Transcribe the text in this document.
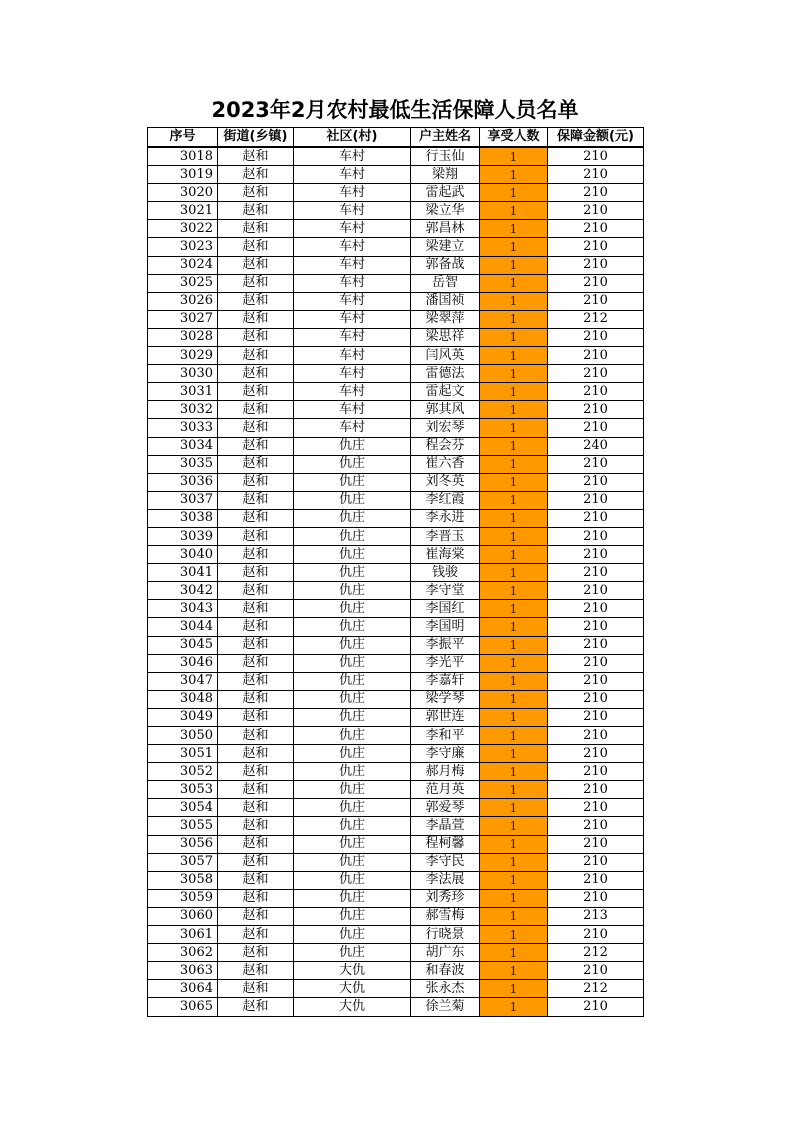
2023年2月农村最低生活保障人员名单
序号	街道(乡镇)	社区(村)	户主姓名	享受人数	保障金额(元)
3018	赵和	车村	行玉仙	1	210
3019	赵和	车村	梁翔	1	210
3020	赵和	车村	雷起武	1	210
3021	赵和	车村	梁立华	1	210
3022	赵和	车村	郭昌林	1	210
3023	赵和	车村	梁建立	1	210
3024	赵和	车村	郭备战	1	210
3025	赵和	车村	岳智	1	210
3026	赵和	车村	潘国祯	1	210
3027	赵和	车村	梁翠萍	1	212
3028	赵和	车村	梁思祥	1	210
3029	赵和	车村	闫风英	1	210
3030	赵和	车村	雷德法	1	210
3031	赵和	车村	雷起文	1	210
3032	赵和	车村	郭其风	1	210
3033	赵和	车村	刘宏琴	1	210
3034	赵和	仇庄	程会芬	1	240
3035	赵和	仇庄	崔六香	1	210
3036	赵和	仇庄	刘冬英	1	210
3037	赵和	仇庄	李红霞	1	210
3038	赵和	仇庄	李永进	1	210
3039	赵和	仇庄	李晋玉	1	210
3040	赵和	仇庄	崔海棠	1	210
3041	赵和	仇庄	钱骏	1	210
3042	赵和	仇庄	李守堂	1	210
3043	赵和	仇庄	李国红	1	210
3044	赵和	仇庄	李国明	1	210
3045	赵和	仇庄	李振平	1	210
3046	赵和	仇庄	李光平	1	210
3047	赵和	仇庄	李嘉轩	1	210
3048	赵和	仇庄	梁学琴	1	210
3049	赵和	仇庄	郭世连	1	210
3050	赵和	仇庄	李和平	1	210
3051	赵和	仇庄	李守廉	1	210
3052	赵和	仇庄	郝月梅	1	210
3053	赵和	仇庄	范月英	1	210
3054	赵和	仇庄	郭爱琴	1	210
3055	赵和	仇庄	李晶萱	1	210
3056	赵和	仇庄	程柯馨	1	210
3057	赵和	仇庄	李守民	1	210
3058	赵和	仇庄	李法展	1	210
3059	赵和	仇庄	刘秀珍	1	210
3060	赵和	仇庄	郝雪梅	1	213
3061	赵和	仇庄	行晓景	1	210
3062	赵和	仇庄	胡广东	1	212
3063	赵和	大仇	和春波	1	210
3064	赵和	大仇	张永杰	1	212
3065	赵和	大仇	徐兰菊	1	210
